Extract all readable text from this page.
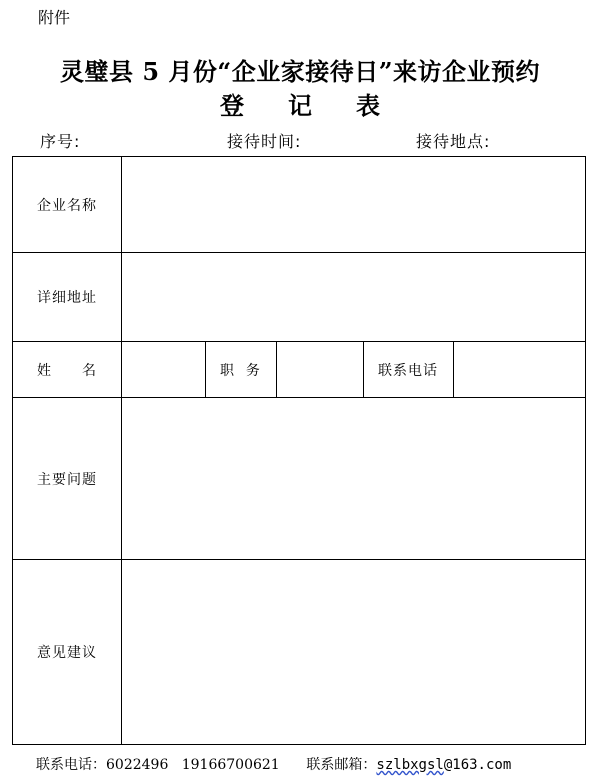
附件
灵璧县 5 月份“企业家接待日”来访企业预约
登 记 表
序号:	接待时间:	接待地点:
企业名称					
详细地址					
姓　　名		职  务		联系电话	
主要问题					
意见建议					
联系电话：6022496 19166700621 联系邮箱：szlbxgsl@163.com
